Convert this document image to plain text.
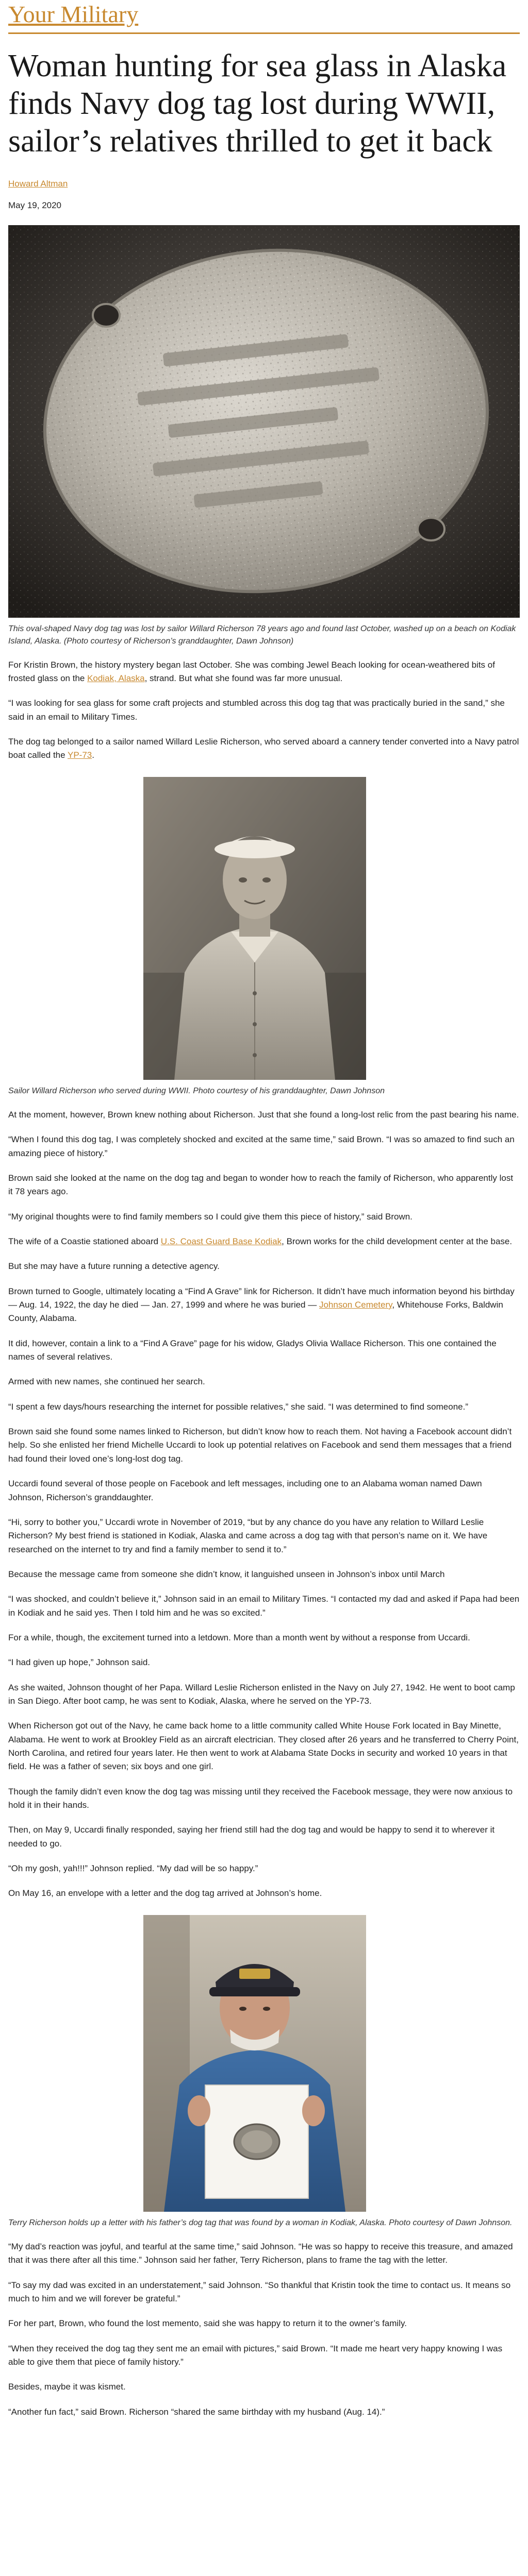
Your Military
Woman hunting for sea glass in Alaska finds Navy dog tag lost during WWII, sailor’s relatives thrilled to get it back
Howard Altman
May 19, 2020

This oval-shaped Navy dog tag was lost by sailor Willard Richerson 78 years ago and found last October, washed up on a beach on Kodiak Island, Alaska. (Photo courtesy of Richerson’s granddaughter, Dawn Johnson)

For Kristin Brown, the history mystery began last October. She was combing Jewel Beach looking for ocean-weathered bits of frosted glass on the Kodiak, Alaska, strand. But what she found was far more unusual.

“I was looking for sea glass for some craft projects and stumbled across this dog tag that was practically buried in the sand,” she said in an email to Military Times.

The dog tag belonged to a sailor named Willard Leslie Richerson, who served aboard a cannery tender converted into a Navy patrol boat called the YP-73.

Sailor Willard Richerson who served during WWII. Photo courtesy of his granddaughter, Dawn Johnson

At the moment, however, Brown knew nothing about Richerson. Just that she found a long-lost relic from the past bearing his name.

“When I found this dog tag, I was completely shocked and excited at the same time,” said Brown. “I was so amazed to find such an amazing piece of history.”

Brown said she looked at the name on the dog tag and began to wonder how to reach the family of Richerson, who apparently lost it 78 years ago.

“My original thoughts were to find family members so I could give them this piece of history,” said Brown.

The wife of a Coastie stationed aboard U.S. Coast Guard Base Kodiak, Brown works for the child development center at the base.

But she may have a future running a detective agency.

Brown turned to Google, ultimately locating a “Find A Grave” link for Richerson. It didn’t have much information beyond his birthday — Aug. 14, 1922, the day he died — Jan. 27, 1999 and where he was buried — Johnson Cemetery, Whitehouse Forks, Baldwin County, Alabama.

It did, however, contain a link to a “Find A Grave” page for his widow, Gladys Olivia Wallace Richerson. This one contained the names of several relatives.

Armed with new names, she continued her search.

“I spent a few days/hours researching the internet for possible relatives,” she said. “I was determined to find someone.”

Brown said she found some names linked to Richerson, but didn’t know how to reach them. Not having a Facebook account didn’t help. So she enlisted her friend Michelle Uccardi to look up potential relatives on Facebook and send them messages that a friend had found their loved one’s long-lost dog tag.

Uccardi found several of those people on Facebook and left messages, including one to an Alabama woman named Dawn Johnson, Richerson’s granddaughter.

“Hi, sorry to bother you,” Uccardi wrote in November of 2019, “but by any chance do you have any relation to Willard Leslie Richerson? My best friend is stationed in Kodiak, Alaska and came across a dog tag with that person’s name on it. We have researched on the internet to try and find a family member to send it to.”

Because the message came from someone she didn’t know, it languished unseen in Johnson’s inbox until March

“I was shocked, and couldn’t believe it,” Johnson said in an email to Military Times. “I contacted my dad and asked if Papa had been in Kodiak and he said yes. Then I told him and he was so excited.”

For a while, though, the excitement turned into a letdown. More than a month went by without a response from Uccardi.

“I had given up hope,” Johnson said.

As she waited, Johnson thought of her Papa. Willard Leslie Richerson enlisted in the Navy on July 27, 1942. He went to boot camp in San Diego. After boot camp, he was sent to Kodiak, Alaska, where he served on the YP-73.

When Richerson got out of the Navy, he came back home to a little community called White House Fork located in Bay Minette, Alabama. He went to work at Brookley Field as an aircraft electrician. They closed after 26 years and he transferred to Cherry Point, North Carolina, and retired four years later. He then went to work at Alabama State Docks in security and worked 10 years in that field. He was a father of seven; six boys and one girl.

Though the family didn’t even know the dog tag was missing until they received the Facebook message, they were now anxious to hold it in their hands.

Then, on May 9, Uccardi finally responded, saying her friend still had the dog tag and would be happy to send it to wherever it needed to go.

“Oh my gosh, yah!!!” Johnson replied. “My dad will be so happy.”

On May 16, an envelope with a letter and the dog tag arrived at Johnson’s home.

Terry Richerson holds up a letter with his father’s dog tag that was found by a woman in Kodiak, Alaska. Photo courtesy of Dawn Johnson.

“My dad’s reaction was joyful, and tearful at the same time,” said Johnson. “He was so happy to receive this treasure, and amazed that it was there after all this time.” Johnson said her father, Terry Richerson, plans to frame the tag with the letter.

“To say my dad was excited in an understatement,” said Johnson. “So thankful that Kristin took the time to contact us. It means so much to him and we will forever be grateful.”

For her part, Brown, who found the lost memento, said she was happy to return it to the owner’s family.

“When they received the dog tag they sent me an email with pictures,” said Brown. “It made me heart very happy knowing I was able to give them that piece of family history.”

Besides, maybe it was kismet.

“Another fun fact,” said Brown. Richerson “shared the same birthday with my husband (Aug. 14).”
